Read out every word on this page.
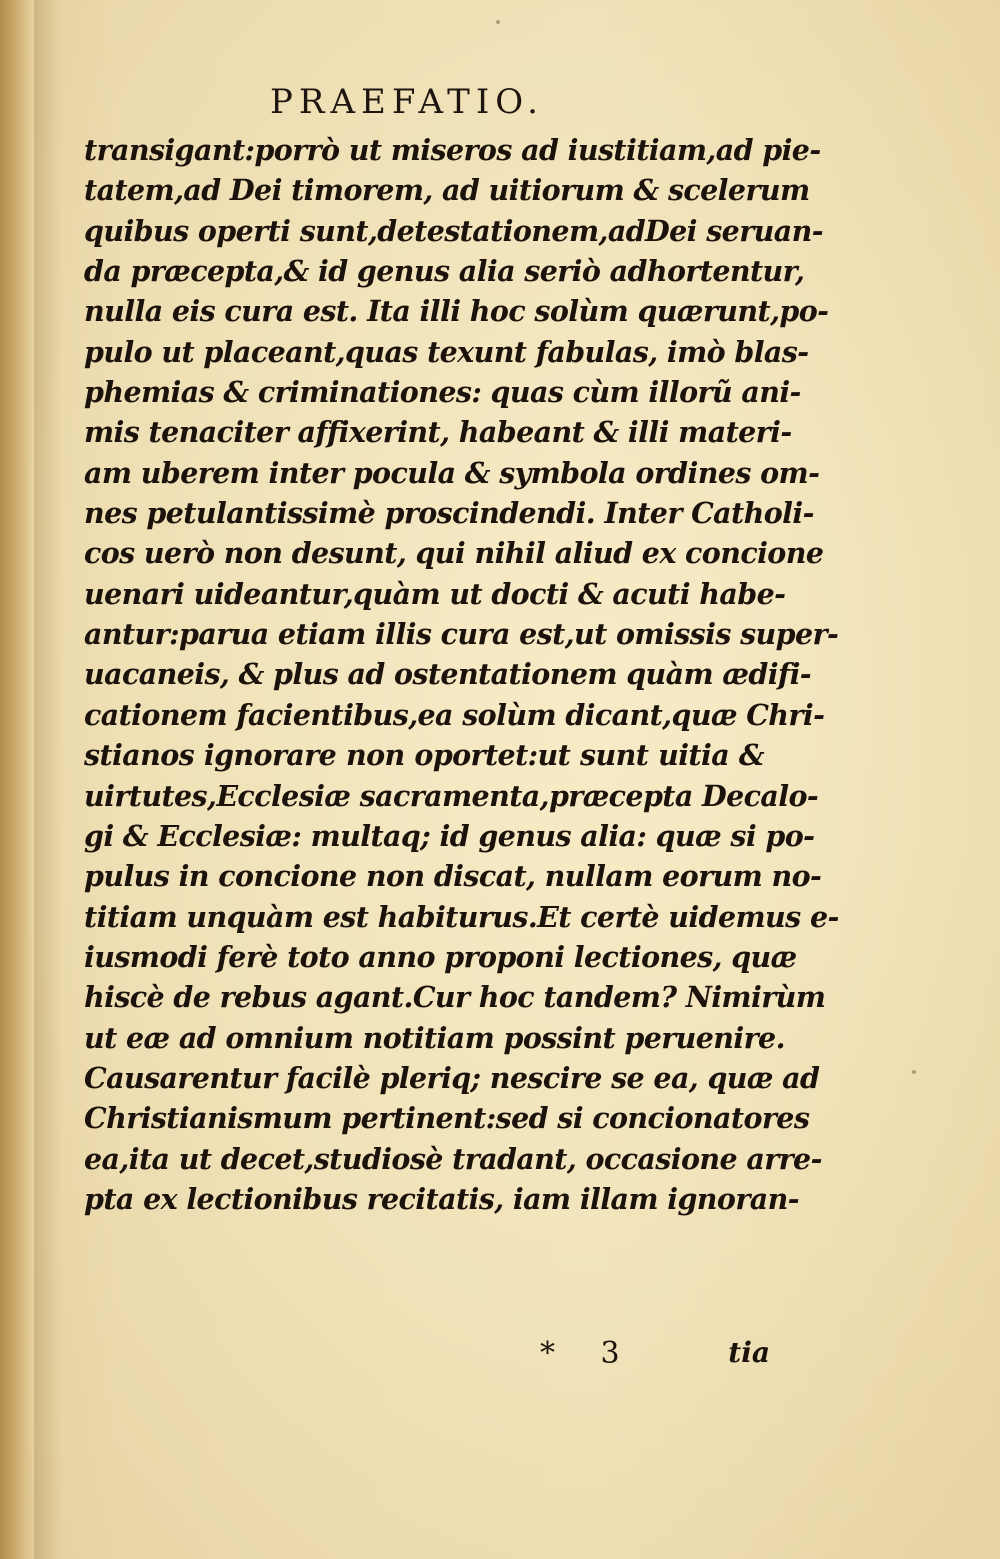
PRAEFATIO.
transigant:porrò ut miseros ad iustitiam,ad pie-
tatem,ad Dei timorem, ad uitiorum & scelerum
quibus operti sunt,detestationem,adDei seruan-
da præcepta,& id genus alia seriò adhortentur,
nulla eis cura est. Ita illi hoc solùm quærunt,po-
pulo ut placeant,quas texunt fabulas, imò blas-
phemias & criminationes: quas cùm illorũ ani-
mis tenaciter affixerint, habeant & illi materi-
am uberem inter pocula & symbola ordines om-
nes petulantissimè proscindendi. Inter Catholi-
cos uerò non desunt, qui nihil aliud ex concione
uenari uideantur,quàm ut docti & acuti habe-
antur:parua etiam illis cura est,ut omissis super-
uacaneis, & plus ad ostentationem quàm ædifi-
cationem facientibus,ea solùm dicant,quæ Chri-
stianos ignorare non oportet:ut sunt uitia &
uirtutes,Ecclesiæ sacramenta,præcepta Decalo-
gi & Ecclesiæ: multaq; id genus alia: quæ si po-
pulus in concione non discat, nullam eorum no-
titiam unquàm est habiturus.Et certè uidemus e-
iusmodi ferè toto anno proponi lectiones, quæ
hiscè de rebus agant.Cur hoc tandem? Nimirùm
ut eæ ad omnium notitiam possint peruenire.
Causarentur facilè pleriq; nescire se ea, quæ ad
Christianismum pertinent:sed si concionatores
ea,ita ut decet,studiosè tradant, occasione arre-
pta ex lectionibus recitatis, iam illam ignoran-
* 3	tia
